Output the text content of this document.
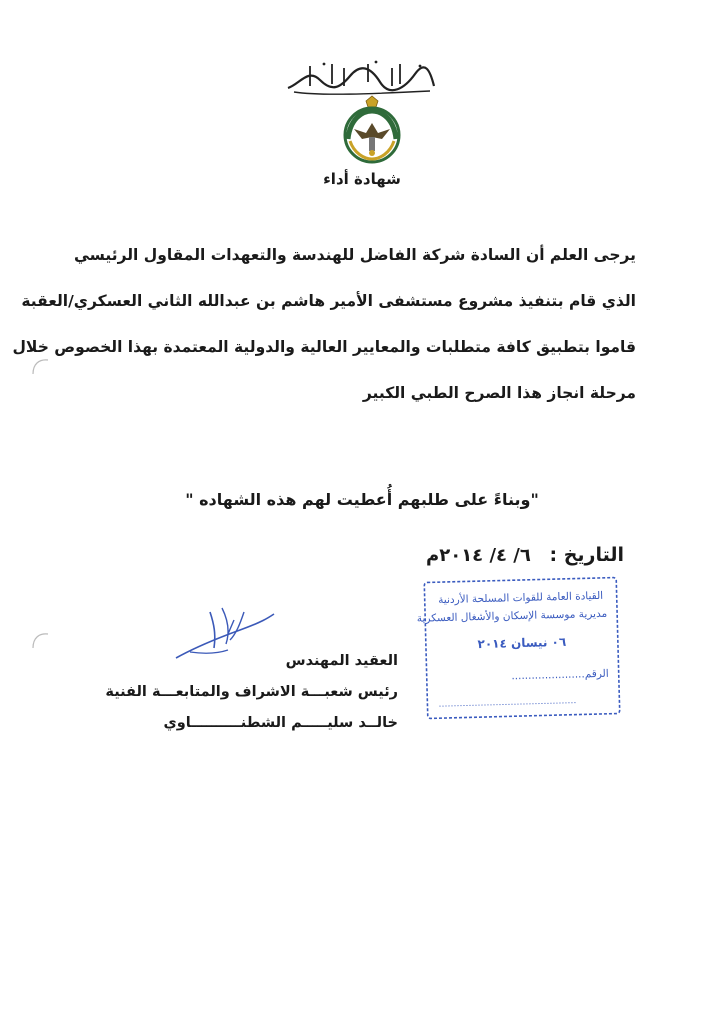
شهادة أداء

يرجى العلم أن السادة شركة الفاضل للهندسة والتعهدات المقاول الرئيسي

الذي قام بتنفيذ مشروع مستشفى الأمير هاشم بن عبدالله الثاني العسكري/العقبة

قاموا بتطبيق كافة متطلبات والمعايير العالية والدولية المعتمدة بهذا الخصوص خلال

مرحلة انجاز هذا الصرح الطبي الكبير

"وبناءً على طلبهم أُعطيت لهم هذه الشهاده "
التاريخ : ٦/ ٤/ ٢٠١٤م
القيادة العامة للقوات المسلحة الأردنية
مديرية موسسة الإسكان والأشغال العسكرية
٠٦ نيسان ٢٠١٤
الرقم......................
العقيد المهندس
رئيس شعبـــة الاشراف والمتابعـــة الفنية
خالــد سليـــــم الشطنــــــــــاوي
